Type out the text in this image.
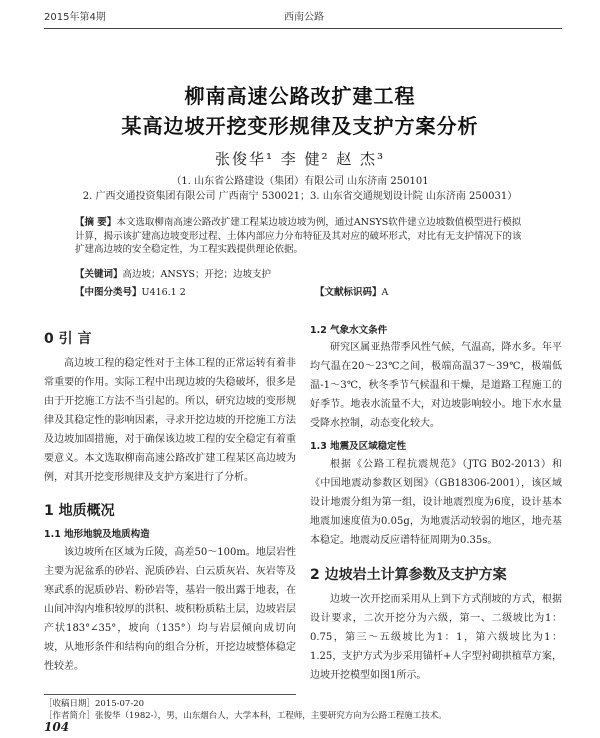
2015年第4期	西南公路
柳南高速公路改扩建工程
某高边坡开挖变形规律及支护方案分析
张俊华¹ 李 健² 赵 杰³
（1. 山东省公路建设（集团）有限公司 山东济南 250101
2. 广西交通投资集团有限公司 广西南宁 530021；3. 山东省交通规划设计院 山东济南 250031）
【摘 要】本文选取柳南高速公路改扩建工程某边坡边坡为例，通过ANSYS软件建立边坡数值模型进行模拟计算，揭示该扩建高边坡变形过程、土体内部应力分布特征及其对应的破坏形式，对比有无支护情况下的该扩建高边坡的安全稳定性，为工程实践提供理论依据。
【关键词】高边坡；ANSYS；开挖；边坡支护
【中图分类号】U416.1 2	【文献标识码】A
0 引 言
高边坡工程的稳定性对于主体工程的正常运转有着非常重要的作用。实际工程中出现边坡的失稳破坏，很多是由于开挖施工方法不当引起的。所以，研究边坡的变形规律及其稳定性的影响因素，寻求开挖边坡的开挖施工方法及边坡加固措施，对于确保该边坡工程的安全稳定有着重要意义。本文选取柳南高速公路改扩建工程某区高边坡为例，对其开挖变形规律及支护方案进行了分析。
1 地质概况
1.1 地形地貌及地质构造
该边坡所在区域为丘陵，高差50～100m。地层岩性主要为泥盆系的砂岩、泥质砂岩、白云质灰岩、灰岩等及寒武系的泥质砂岩、粉砂岩等，基岩一般出露于地表，在山间冲沟内堆积较厚的洪积、坡积粉质粘土层，边坡岩层产状183°∠35°，坡向（135°）均与岩层倾向成切向坡，从地形条件和结构向的组合分析，开挖边坡整体稳定性较差。
1.2 气象水文条件
研究区属亚热带季风性气候，气温高，降水多。年平均气温在20～23℃之间，极端高温37～39℃，极端低温-1～3℃，秋冬季节气候温和干燥，是道路工程施工的好季节。地表水流量不大，对边坡影响较小。地下水水量受降水控制，动态变化较大。
1.3 地震及区域稳定性
根据《公路工程抗震规范》（JTG B02-2013）和《中国地震动参数区划图》（GB18306-2001），该区域设计地震分组为第一组，设计地震烈度为6度，设计基本地震加速度值为0.05g，为地震活动较弱的地区，地壳基本稳定。地震动反应谱特征周期为0.35s。
2 边坡岩土计算参数及支护方案
边坡一次开挖而采用从上到下方式削坡的方式，根据设计要求，二次开挖分为六级，第一、二级坡比为1：0.75，第三～五级坡比为1：1，第六级坡比为1：1.25，支护方式为步采用锚杆+人字型衬砌拱植草方案，边坡开挖模型如图1所示。
［收稿日期］2015-07-20
［作者简介］张俊华（1982-），男，山东烟台人，大学本科，工程师，主要研究方向为公路工程施工技术。
104
